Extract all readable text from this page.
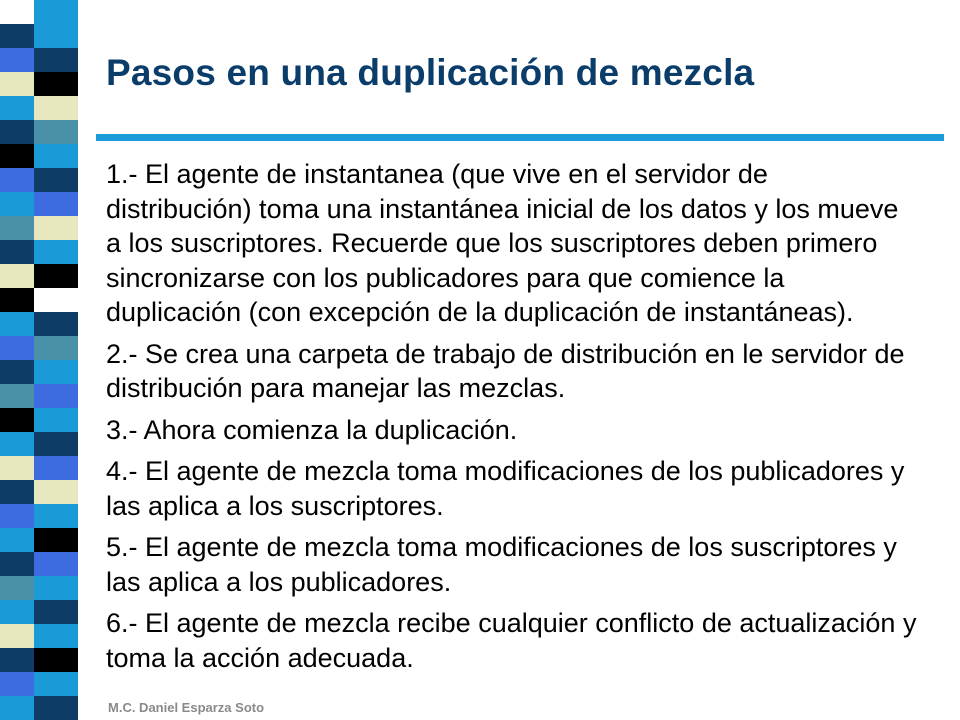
Pasos en una duplicación de mezcla

1.- El agente de instantanea (que vive en el servidor de distribución) toma una instantánea inicial de los datos y los mueve a los suscriptores. Recuerde que los suscriptores deben primero sincronizarse con los publicadores para que comience la duplicación (con excepción de la duplicación de instantáneas).

2.- Se crea una carpeta de trabajo de distribución en le servidor de distribución para manejar las mezclas.

3.- Ahora comienza la duplicación.

4.- El agente de mezcla toma modificaciones de los publicadores y las aplica a los suscriptores.

5.- El agente de mezcla toma modificaciones de los suscriptores y las aplica a los publicadores.

6.- El agente de mezcla recibe cualquier conflicto de actualización y toma la acción adecuada.

M.C. Daniel Esparza Soto
